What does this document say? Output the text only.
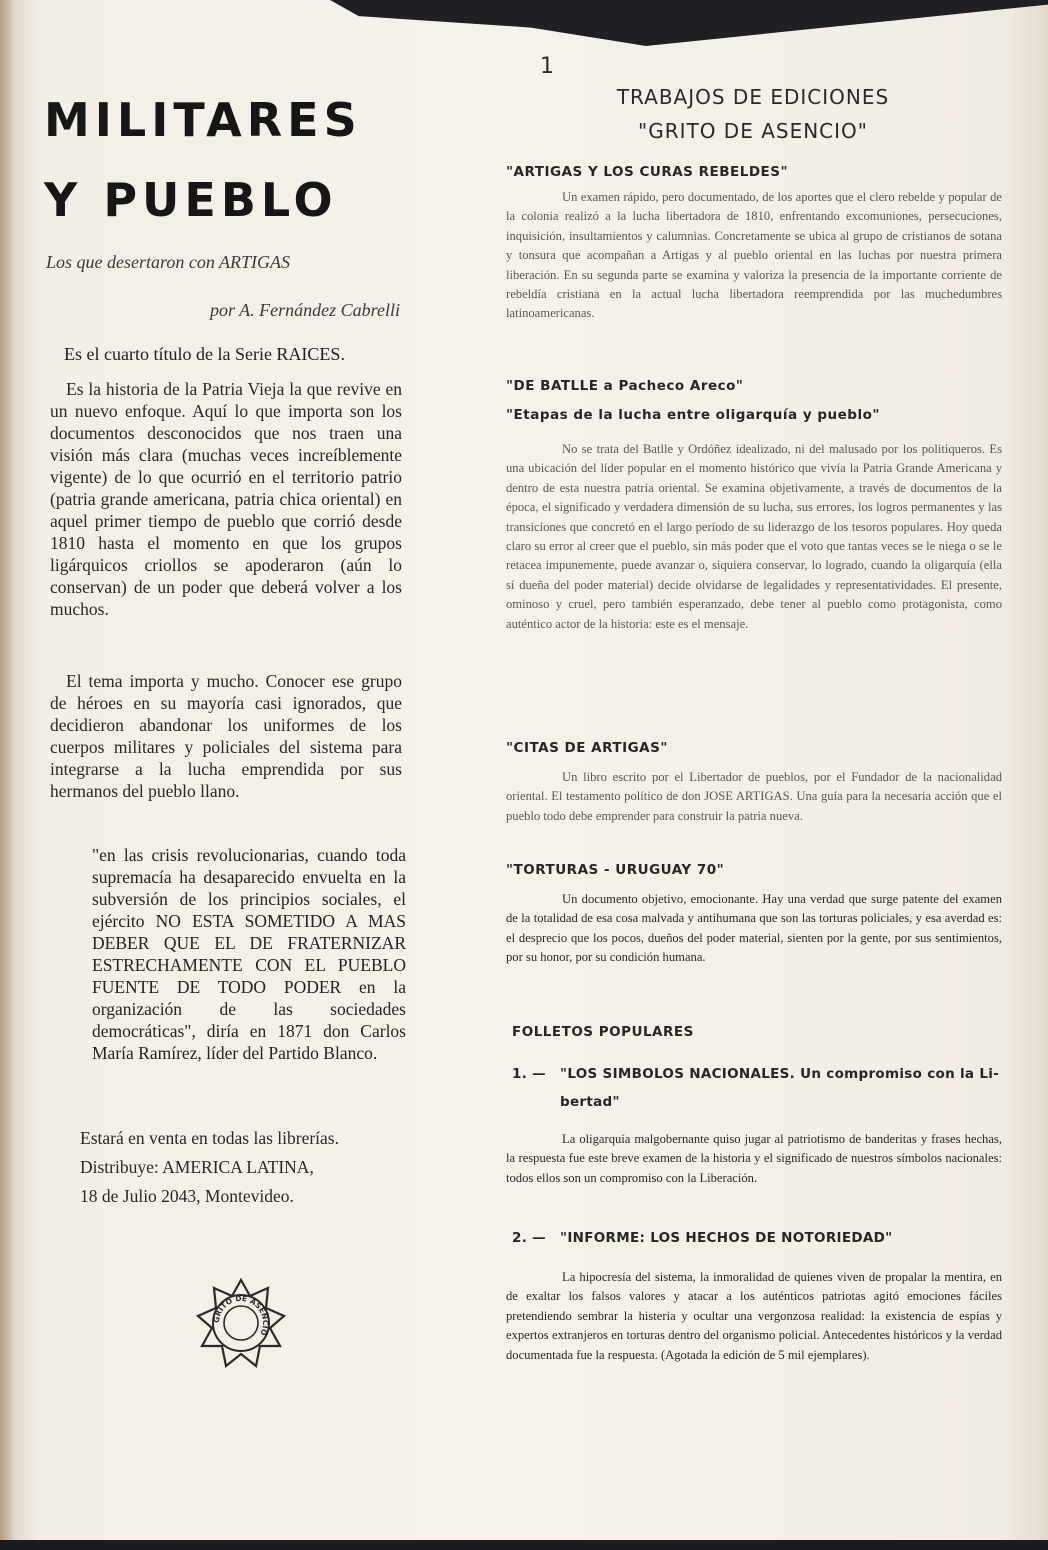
1
MILITARES
Y PUEBLO
Los que desertaron con ARTIGAS
por A. Fernández Cabrelli
Es el cuarto título de la Serie RAICES.

Es la historia de la Patria Vieja la que revive en un nuevo enfoque. Aquí lo que importa son los documentos desconocidos que nos traen una visión más clara (muchas veces increíblemente vigente) de lo que ocurrió en el territorio patrio (patria grande americana, patria chica oriental) en aquel primer tiempo de pueblo que corrió desde 1810 hasta el momento en que los grupos ligárquicos criollos se apoderaron (aún lo conservan) de un poder que deberá volver a los muchos.

El tema importa y mucho. Conocer ese grupo de héroes en su mayoría casi ignorados, que decidieron abandonar los uniformes de los cuerpos militares y policiales del sistema para integrarse a la lucha emprendida por sus hermanos del pueblo llano.

"en las crisis revolucionarias, cuando toda supremacía ha desaparecido envuelta en la subversión de los principios sociales, el ejército NO ESTA SOMETIDO A MAS DEBER QUE EL DE FRATERNIZAR ESTRECHAMENTE CON EL PUEBLO FUENTE DE TODO PODER en la organización de las sociedades democráticas", diría en 1871 don Carlos María Ramírez, líder del Partido Blanco.

Estará en venta en todas las librerías.
Distribuye: AMERICA LATINA,
18 de Julio 2043, Montevideo.
GRITO DE ASENCIO
TRABAJOS DE EDICIONES
"GRITO DE ASENCIO"
"ARTIGAS Y LOS CURAS REBELDES"

Un examen rápido, pero documentado, de los aportes que el clero rebelde y popular de la colonia realizó a la lucha libertadora de 1810, enfrentando excomuniones, persecuciones, inquisición, insultamientos y calumnias. Concretamente se ubica al grupo de cristianos de sotana y tonsura que acompañan a Artigas y al pueblo oriental en las luchas por nuestra primera liberación. En su segunda parte se examina y valoriza la presencia de la importante corriente de rebeldía cristiana en la actual lucha libertadora reemprendida por las muchedumbres latinoamericanas.

"DE BATLLE a Pacheco Areco"
"Etapas de la lucha entre oligarquía y pueblo"

No se trata del Batlle y Ordóñez idealizado, ni del malusado por los politiqueros. Es una ubicación del líder popular en el momento histórico que vivía la Patria Grande Americana y dentro de esta nuestra patria oriental. Se examina objetivamente, a través de documentos de la época, el significado y verdadera dimensión de su lucha, sus errores, los logros permanentes y las transiciones que concretó en el largo período de su liderazgo de los tesoros populares. Hoy queda claro su error al creer que el pueblo, sin más poder que el voto que tantas veces se le niega o se le retacea impunemente, puede avanzar o, siquiera conservar, lo logrado, cuando la oligarquía (ella sí dueña del poder material) decide olvidarse de legalidades y representatividades. El presente, ominoso y cruel, pero también esperanzado, debe tener al pueblo como protagonista, como auténtico actor de la historia: este es el mensaje.

"CITAS DE ARTIGAS"

Un libro escrito por el Libertador de pueblos, por el Fundador de la nacionalidad oriental. El testamento político de don JOSE ARTIGAS. Una guía para la necesaria acción que el pueblo todo debe emprender para construir la patria nueva.

"TORTURAS - URUGUAY 70"

Un documento objetivo, emocionante. Hay una verdad que surge patente del examen de la totalidad de esa cosa malvada y antihumana que son las torturas policiales, y esa averdad es: el desprecio que los pocos, dueños del poder material, sienten por la gente, por sus sentimientos, por su honor, por su condición humana.

FOLLETOS POPULARES
1. — "LOS SIMBOLOS NACIONALES. Un compromiso con la Li-
bertad"

La oligarquía malgobernante quiso jugar al patriotismo de banderitas y frases hechas, la respuesta fue este breve examen de la historia y el significado de nuestros símbolos nacionales: todos ellos son un compromiso con la Liberación.

2. — "INFORME: LOS HECHOS DE NOTORIEDAD"

La hipocresía del sistema, la inmoralidad de quienes viven de propalar la mentira, en de exaltar los falsos valores y atacar a los auténticos patriotas agitó emociones fáciles pretendiendo sembrar la histeria y ocultar una vergonzosa realidad: la existencia de espías y expertos extranjeros en torturas dentro del organismo policial. Antecedentes históricos y la verdad documentada fue la respuesta. (Agotada la edición de 5 mil ejemplares).
